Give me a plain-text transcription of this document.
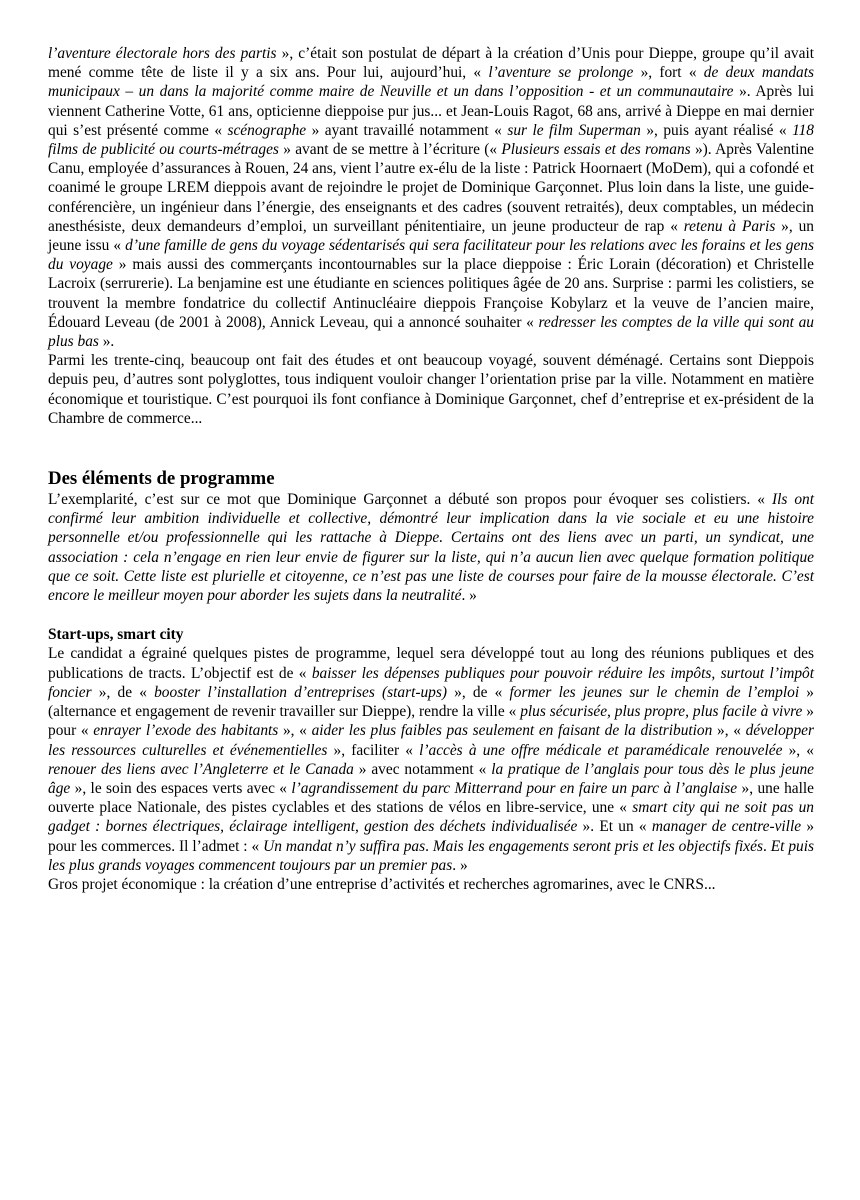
l’aventure électorale hors des partis », c’était son postulat de départ à la création d’Unis pour Dieppe, groupe qu’il avait mené comme tête de liste il y a six ans. Pour lui, aujourd’hui, « l’aventure se prolonge », fort « de deux mandats municipaux – un dans la majorité comme maire de Neuville et un dans l’opposition - et un communautaire ». Après lui viennent Catherine Votte, 61 ans, opticienne dieppoise pur jus... et Jean-Louis Ragot, 68 ans, arrivé à Dieppe en mai dernier qui s’est présenté comme « scénographe » ayant travaillé notamment « sur le film Superman », puis ayant réalisé « 118 films de publicité ou courts-métrages » avant de se mettre à l’écriture (« Plusieurs essais et des romans »). Après Valentine Canu, employée d’assurances à Rouen, 24 ans, vient l’autre ex-élu de la liste : Patrick Hoornaert (MoDem), qui a cofondé et coanimé le groupe LREM dieppois avant de rejoindre le projet de Dominique Garçonnet. Plus loin dans la liste, une guide-conférencière, un ingénieur dans l’énergie, des enseignants et des cadres (souvent retraités), deux comptables, un médecin anesthésiste, deux demandeurs d’emploi, un surveillant pénitentiaire, un jeune producteur de rap « retenu à Paris », un jeune issu « d’une famille de gens du voyage sédentarisés qui sera facilitateur pour les relations avec les forains et les gens du voyage » mais aussi des commerçants incontournables sur la place dieppoise : Éric Lorain (décoration) et Christelle Lacroix (serrurerie). La benjamine est une étudiante en sciences politiques âgée de 20 ans. Surprise : parmi les colistiers, se trouvent la membre fondatrice du collectif Antinucléaire dieppois Françoise Kobylarz et la veuve de l’ancien maire, Édouard Leveau (de 2001 à 2008), Annick Leveau, qui a annoncé souhaiter « redresser les comptes de la ville qui sont au plus bas ».

Parmi les trente-cinq, beaucoup ont fait des études et ont beaucoup voyagé, souvent déménagé. Certains sont Dieppois depuis peu, d’autres sont polyglottes, tous indiquent vouloir changer l’orientation prise par la ville. Notamment en matière économique et touristique. C’est pourquoi ils font confiance à Dominique Garçonnet, chef d’entreprise et ex-président de la Chambre de commerce...

Des éléments de programme

L’exemplarité, c’est sur ce mot que Dominique Garçonnet a débuté son propos pour évoquer ses colistiers. « Ils ont confirmé leur ambition individuelle et collective, démontré leur implication dans la vie sociale et eu une histoire personnelle et/ou professionnelle qui les rattache à Dieppe. Certains ont des liens avec un parti, un syndicat, une association : cela n’engage en rien leur envie de figurer sur la liste, qui n’a aucun lien avec quelque formation politique que ce soit. Cette liste est plurielle et citoyenne, ce n’est pas une liste de courses pour faire de la mousse électorale. C’est encore le meilleur moyen pour aborder les sujets dans la neutralité. »

Start-ups, smart city

Le candidat a égrainé quelques pistes de programme, lequel sera développé tout au long des réunions publiques et des publications de tracts. L’objectif est de « baisser les dépenses publiques pour pouvoir réduire les impôts, surtout l’impôt foncier », de « booster l’installation d’entreprises (start-ups) », de « former les jeunes sur le chemin de l’emploi » (alternance et engagement de revenir travailler sur Dieppe), rendre la ville « plus sécurisée, plus propre, plus facile à vivre » pour « enrayer l’exode des habitants », « aider les plus faibles pas seulement en faisant de la distribution », « développer les ressources culturelles et événementielles », faciliter « l’accès à une offre médicale et paramédicale renouvelée », « renouer des liens avec l’Angleterre et le Canada » avec notamment « la pratique de l’anglais pour tous dès le plus jeune âge », le soin des espaces verts avec « l’agrandissement du parc Mitterrand pour en faire un parc à l’anglaise », une halle ouverte place Nationale, des pistes cyclables et des stations de vélos en libre-service, une « smart city qui ne soit pas un gadget : bornes électriques, éclairage intelligent, gestion des déchets individualisée ». Et un « manager de centre-ville » pour les commerces. Il l’admet : « Un mandat n’y suffira pas. Mais les engagements seront pris et les objectifs fixés. Et puis les plus grands voyages commencent toujours par un premier pas. »

Gros projet économique : la création d’une entreprise d’activités et recherches agromarines, avec le CNRS...
